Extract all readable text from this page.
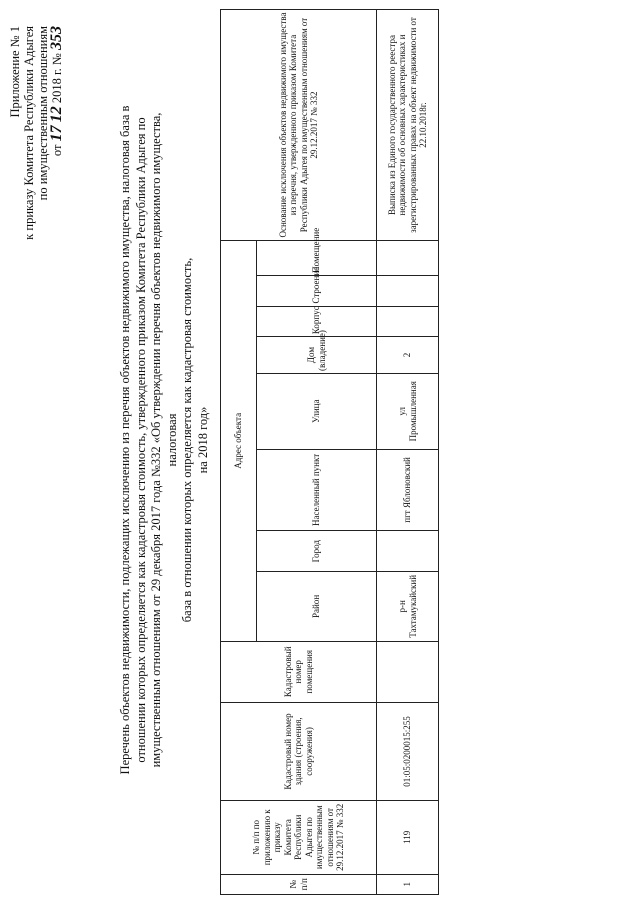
Приложение № 1 к приказу Комитета Республики Адыгея по имущественным отношениям от 17 12 2018 г. № 353
Перечень объектов недвижимости, подлежащих исключению из перечня объектов недвижимого имущества, налоговая база в отношении которых определяется как кадастровая стоимость, утвержденного приказом Комитета Республики Адыгея по имущественным отношениям от 29 декабря 2017 года №332 «Об утверждении перечня объектов недвижимого имущества, налоговая база в отношении которых определяется как кадастровая стоимость, на 2018 год»
№ п/п	№ п/п по приложению к приказу Комитета Республики Адыгея по имущественным отношениям от 29.12.2017 № 332	Кадастровый номер здания (строения, сооружения)	Кадастровый номер помещения	Адрес объекта								Основание исключения объектов недвижимого имущества из перечня, утвержденного приказом Комитета Республики Адыгея по имущественным отношениям от 29.12.2017 № 332
				Район	Город	Населенный пункт	Улица	Дом (владение)	Корпус	Строение	Помещение	
1	119	01:05:0200015:255		р-н Тахтамукайский		пгт Яблоновский	ул Промышленная	2				Выписка из Единого государственного реестра недвижимости об основных характеристиках и зарегистрированных правах на объект недвижимости от 22.10.2018г.
